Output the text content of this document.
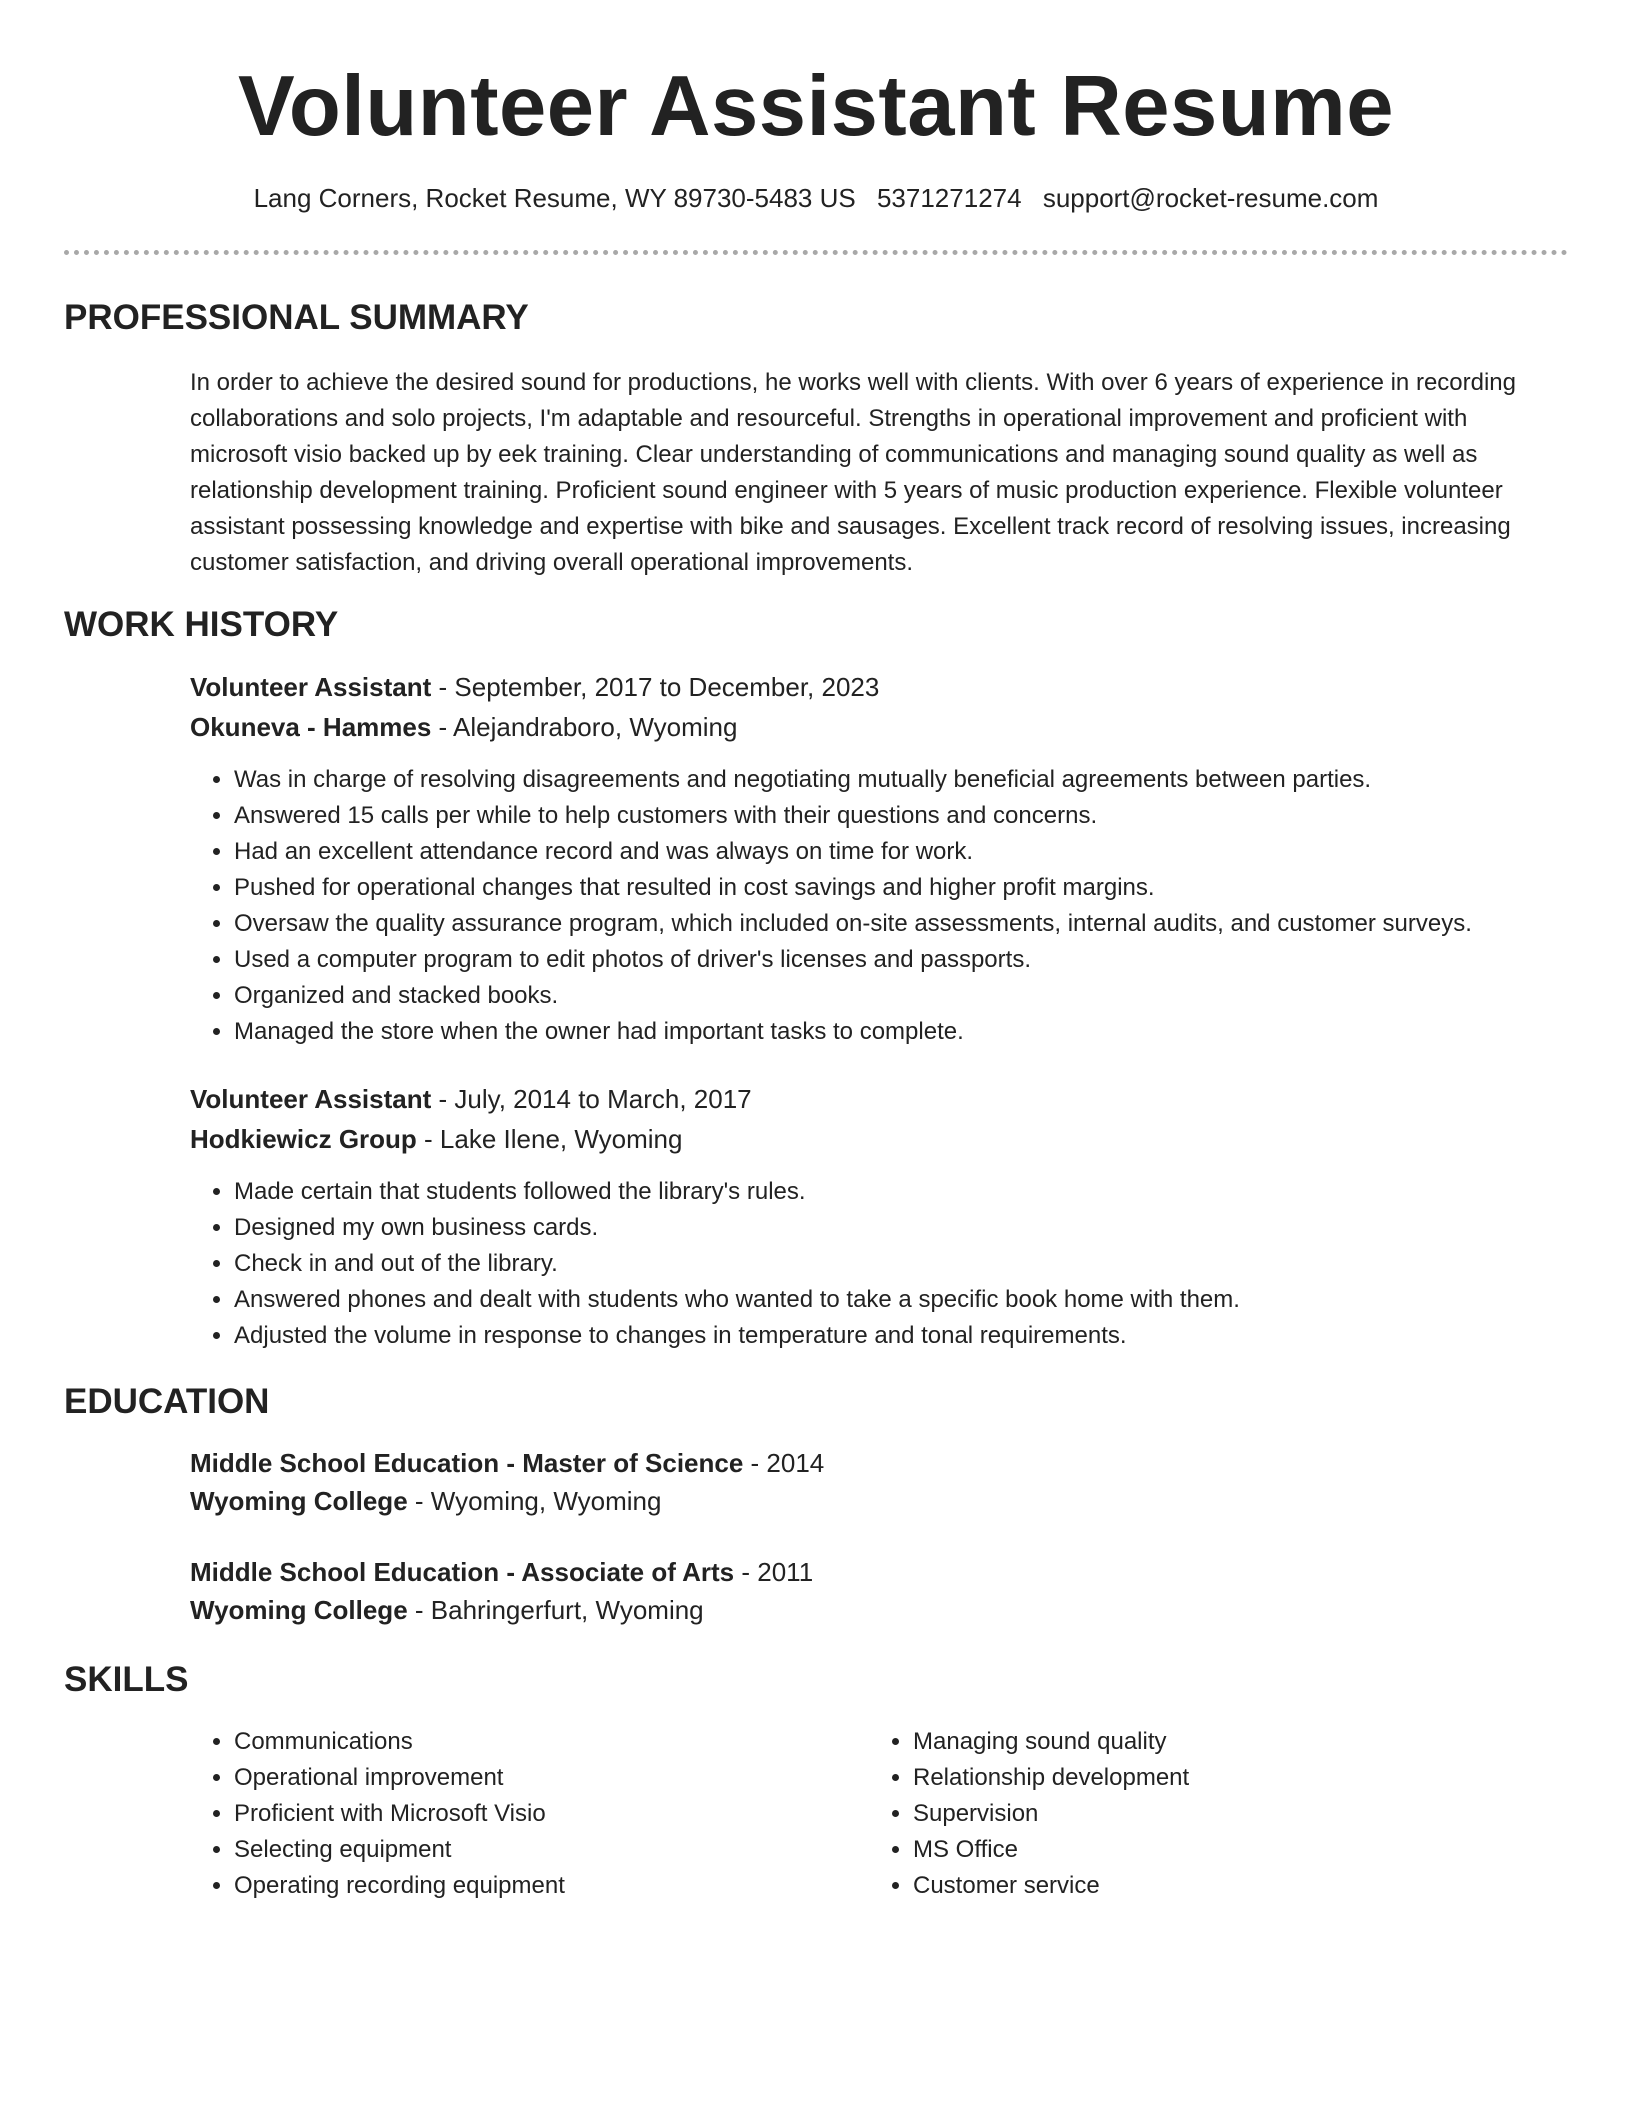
Volunteer Assistant Resume
Lang Corners, Rocket Resume, WY 89730-5483 US 5371271274 support@rocket-resume.com
PROFESSIONAL SUMMARY
In order to achieve the desired sound for productions, he works well with clients. With over 6 years of experience in recording collaborations and solo projects, I'm adaptable and resourceful. Strengths in operational improvement and proficient with microsoft visio backed up by eek training. Clear understanding of communications and managing sound quality as well as relationship development training. Proficient sound engineer with 5 years of music production experience. Flexible volunteer assistant possessing knowledge and expertise with bike and sausages. Excellent track record of resolving issues, increasing customer satisfaction, and driving overall operational improvements.
WORK HISTORY
Volunteer Assistant - September, 2017 to December, 2023
Okuneva - Hammes - Alejandraboro, Wyoming
• Was in charge of resolving disagreements and negotiating mutually beneficial agreements between parties.
• Answered 15 calls per while to help customers with their questions and concerns.
• Had an excellent attendance record and was always on time for work.
• Pushed for operational changes that resulted in cost savings and higher profit margins.
• Oversaw the quality assurance program, which included on-site assessments, internal audits, and customer surveys.
• Used a computer program to edit photos of driver's licenses and passports.
• Organized and stacked books.
• Managed the store when the owner had important tasks to complete.
Volunteer Assistant - July, 2014 to March, 2017
Hodkiewicz Group - Lake Ilene, Wyoming
• Made certain that students followed the library's rules.
• Designed my own business cards.
• Check in and out of the library.
• Answered phones and dealt with students who wanted to take a specific book home with them.
• Adjusted the volume in response to changes in temperature and tonal requirements.
EDUCATION
Middle School Education - Master of Science - 2014
Wyoming College - Wyoming, Wyoming
Middle School Education - Associate of Arts - 2011
Wyoming College - Bahringerfurt, Wyoming
SKILLS
• Communications
• Operational improvement
• Proficient with Microsoft Visio
• Selecting equipment
• Operating recording equipment
• Managing sound quality
• Relationship development
• Supervision
• MS Office
• Customer service
